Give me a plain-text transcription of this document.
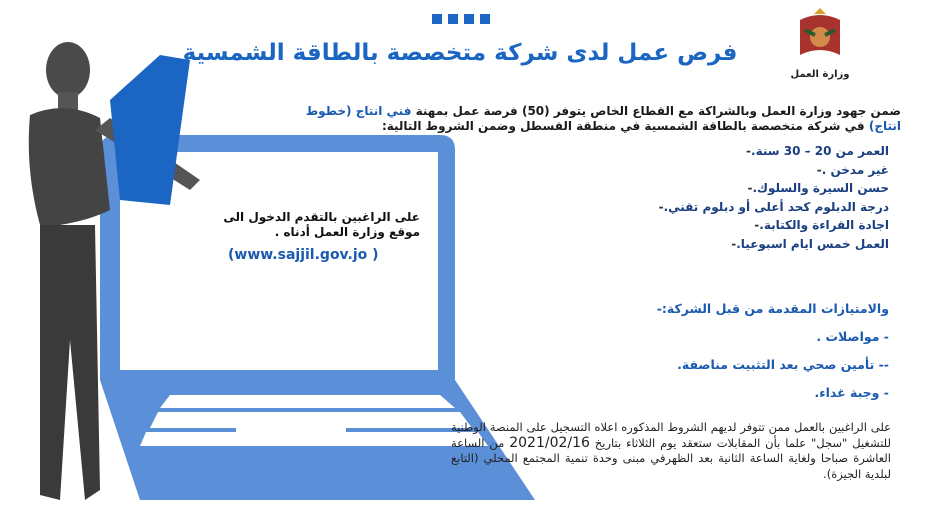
فرص عمل لدى شركة متخصصة بالطاقة الشمسية
وزارة العمل
ضمن جهود وزارة العمل وبالشراكة مع القطاع الخاص يتوفر (50) فرصة عمل بمهنة فني انتاج (خطوط انتاج) في شركة متخصصة بالطاقة الشمسية في منطقة القسطل وضمن الشروط التالية:
- العمر من 20 – 30 سنة.
- غير مدخن .
- حسن السيرة والسلوك.
- درجة الدبلوم كحد أعلى أو دبلوم تقني.
- اجادة القراءة والكتابة.
- العمل خمس ايام اسبوعيا.
والامتيازات المقدمة من قبل الشركة:-
- مواصلات .
-- تأمين صحي بعد التثبيت مناصفة.
- وجبة غداء.
على الراغبين بالتقدم الدخول الى موقع وزارة العمل أدناه .
(www.sajjil.gov.jo )
على الراغبين بالعمل ممن تتوفر لديهم الشروط المذكوره اعلاه التسجيل على المنصة الوطنية للتشغيل "سجل" علما بأن المقابلات ستعقد يوم الثلاثاء بتاريخ 2021/02/16 من الساعة العاشرة صباحا ولغاية الساعة الثانية بعد الظهرفي مبنى وحدة تنمية المجتمع المحلي (التابع لبلدية الجيزة).
